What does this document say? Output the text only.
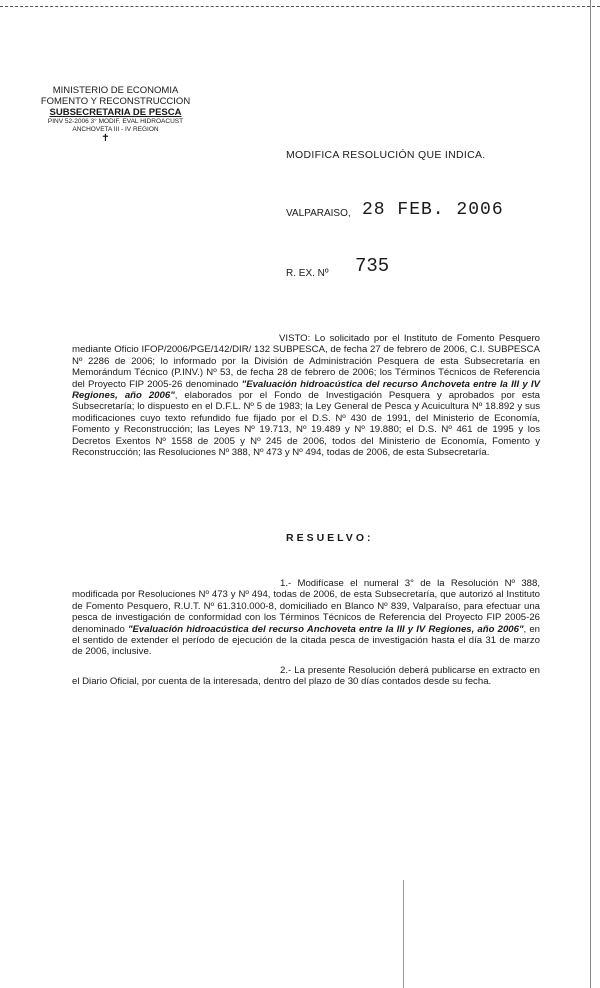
MINISTERIO DE ECONOMIA
FOMENTO Y RECONSTRUCCION
SUBSECRETARIA DE PESCA
PINV 52-2006 3° MODIF. EVAL HIDROACUST
ANCHOVETA III - IV REGION
✝
MODIFICA RESOLUCIÓN QUE INDICA.
VALPARAISO, 28 FEB. 2006
R. EX. Nº 735

VISTO: Lo solicitado por el Instituto de Fomento Pesquero mediante Oficio IFOP/2006/PGE/142/DIR/ 132 SUBPESCA, de fecha 27 de febrero de 2006, C.I. SUBPESCA Nº 2286 de 2006; lo informado por la División de Administración Pesquera de esta Subsecretaría en Memorándum Técnico (P.INV.) Nº 53, de fecha 28 de febrero de 2006; los Términos Técnicos de Referencia del Proyecto FIP 2005-26 denominado "Evaluación hidroacústica del recurso Anchoveta entre la III y IV Regiones, año 2006", elaborados por el Fondo de Investigación Pesquera y aprobados por esta Subsecretaría; lo dispuesto en el D.F.L. Nº 5 de 1983; la Ley General de Pesca y Acuicultura Nº 18.892 y sus modificaciones cuyo texto refundido fue fijado por el D.S. Nº 430 de 1991, del Ministerio de Economía, Fomento y Reconstrucción; las Leyes Nº 19.713, Nº 19.489 y Nº 19.880; el D.S. Nº 461 de 1995 y los Decretos Exentos Nº 1558 de 2005 y Nº 245 de 2006, todos del Ministerio de Economía, Fomento y Reconstrucción; las Resoluciones Nº 388, Nº 473 y Nº 494, todas de 2006, de esta Subsecretaría.

RESUELVO:

1.- Modifícase el numeral 3° de la Resolución Nº 388, modificada por Resoluciones Nº 473 y Nº 494, todas de 2006, de esta Subsecretaría, que autorizó al Instituto de Fomento Pesquero, R.U.T. Nº 61.310.000-8, domiciliado en Blanco Nº 839, Valparaíso, para efectuar una pesca de investigación de conformidad con los Términos Técnicos de Referencia del Proyecto FIP 2005-26 denominado "Evaluación hidroacústica del recurso Anchoveta entre la III y IV Regiones, año 2006", en el sentido de extender el período de ejecución de la citada pesca de investigación hasta el día 31 de marzo de 2006, inclusive.

2.- La presente Resolución deberá publicarse en extracto en el Diario Oficial, por cuenta de la interesada, dentro del plazo de 30 días contados desde su fecha.
